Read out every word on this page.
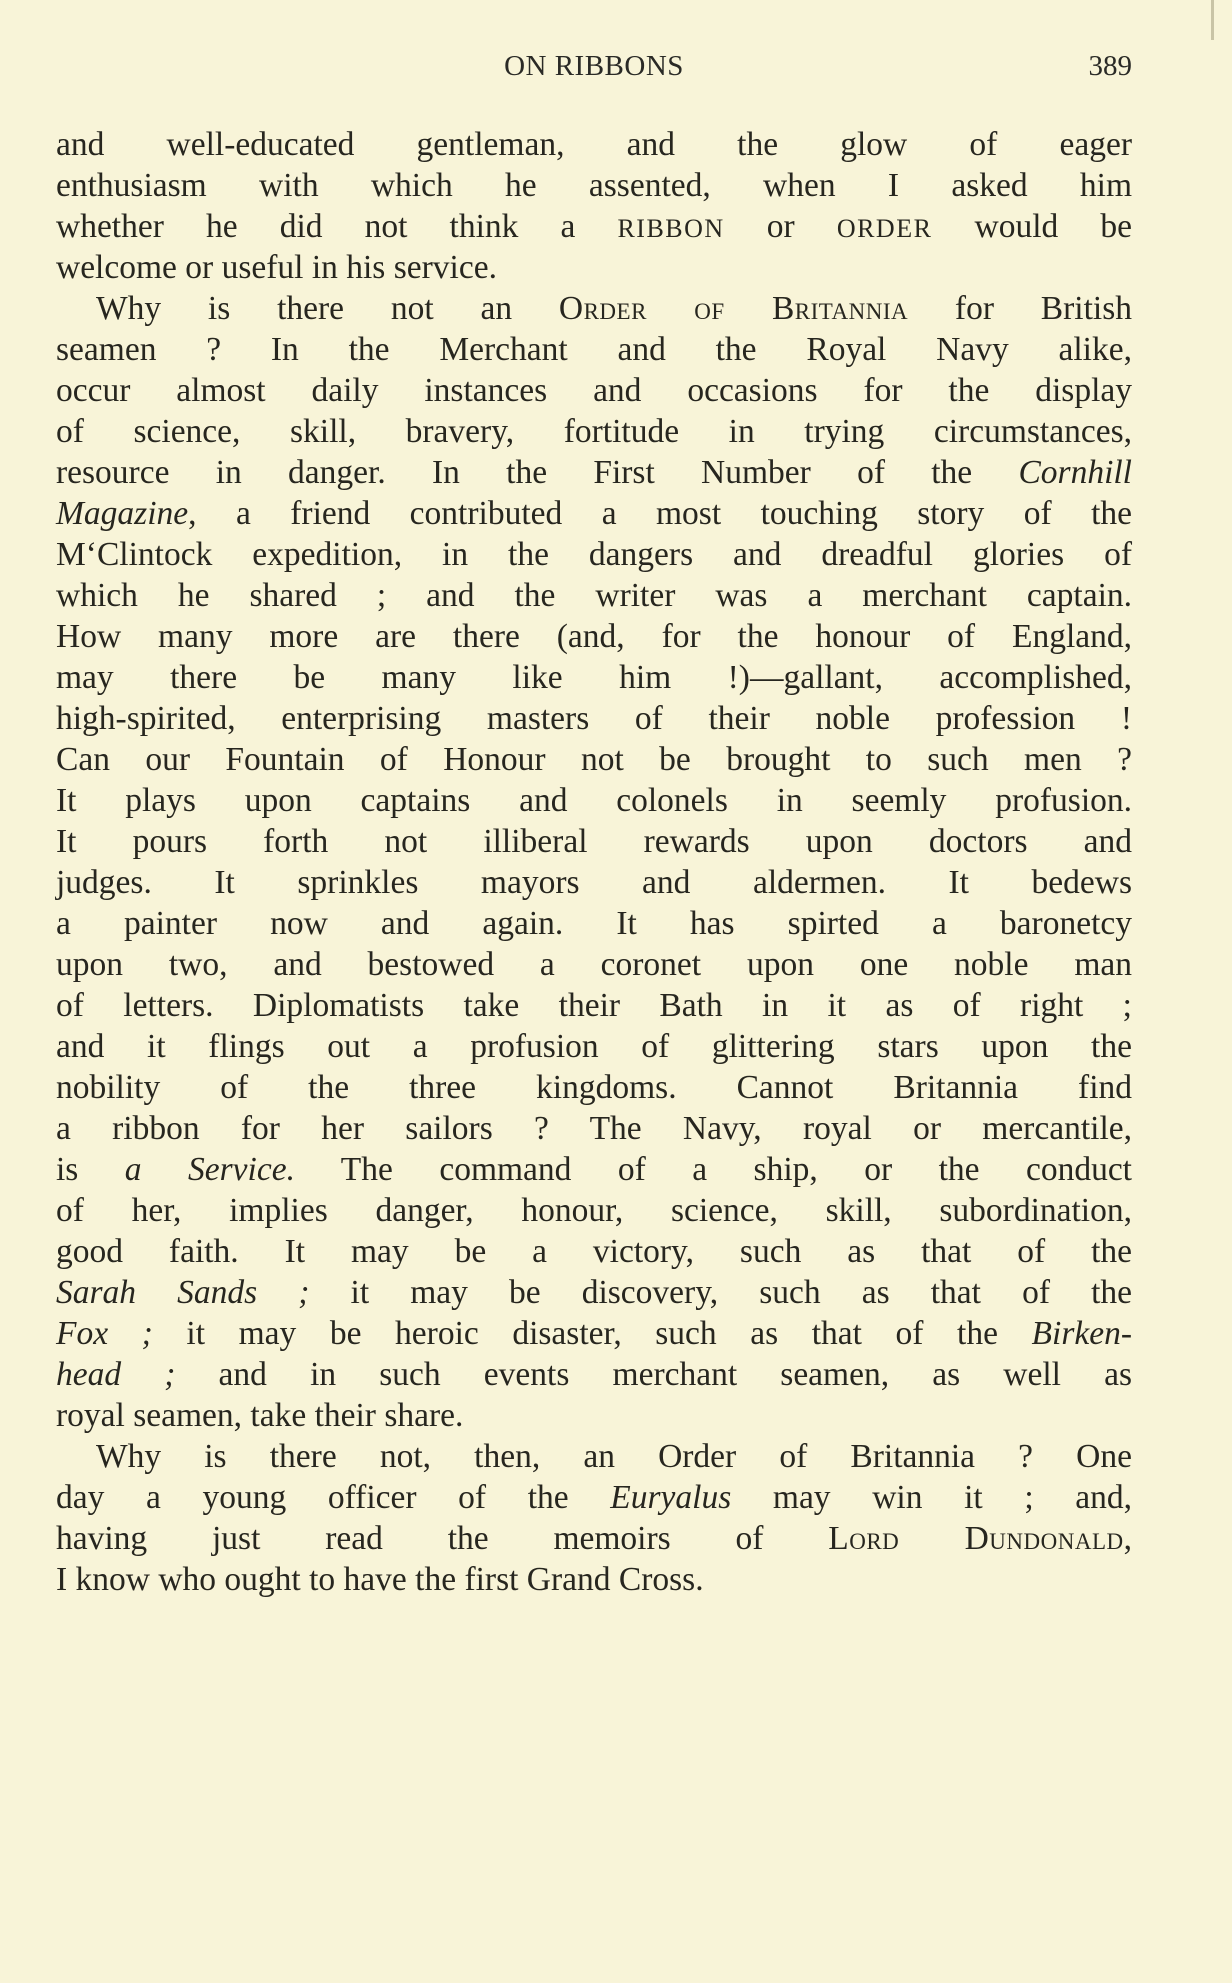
ON RIBBONS	389
and well-educated gentleman, and the glow of eager
enthusiasm with which he assented, when I asked him
whether he did not think a RIBBON or ORDER would be
welcome or useful in his service.
Why is there not an Order of Britannia for British
seamen ? In the Merchant and the Royal Navy alike,
occur almost daily instances and occasions for the display
of science, skill, bravery, fortitude in trying circumstances,
resource in danger. In the First Number of the Cornhill
Magazine, a friend contributed a most touching story of the
M‘Clintock expedition, in the dangers and dreadful glories of
which he shared ; and the writer was a merchant captain.
How many more are there (and, for the honour of England,
may there be many like him !)—gallant, accomplished,
high-spirited, enterprising masters of their noble profession !
Can our Fountain of Honour not be brought to such men ?
It plays upon captains and colonels in seemly profusion.
It pours forth not illiberal rewards upon doctors and
judges. It sprinkles mayors and aldermen. It bedews
a painter now and again. It has spirted a baronetcy
upon two, and bestowed a coronet upon one noble man
of letters. Diplomatists take their Bath in it as of right ;
and it flings out a profusion of glittering stars upon the
nobility of the three kingdoms. Cannot Britannia find
a ribbon for her sailors ? The Navy, royal or mercantile,
is a Service. The command of a ship, or the conduct
of her, implies danger, honour, science, skill, subordination,
good faith. It may be a victory, such as that of the
Sarah Sands ; it may be discovery, such as that of the
Fox ; it may be heroic disaster, such as that of the Birken-
head ; and in such events merchant seamen, as well as
royal seamen, take their share.
Why is there not, then, an Order of Britannia ? One
day a young officer of the Euryalus may win it ; and,
having just read the memoirs of Lord Dundonald,
I know who ought to have the first Grand Cross.
